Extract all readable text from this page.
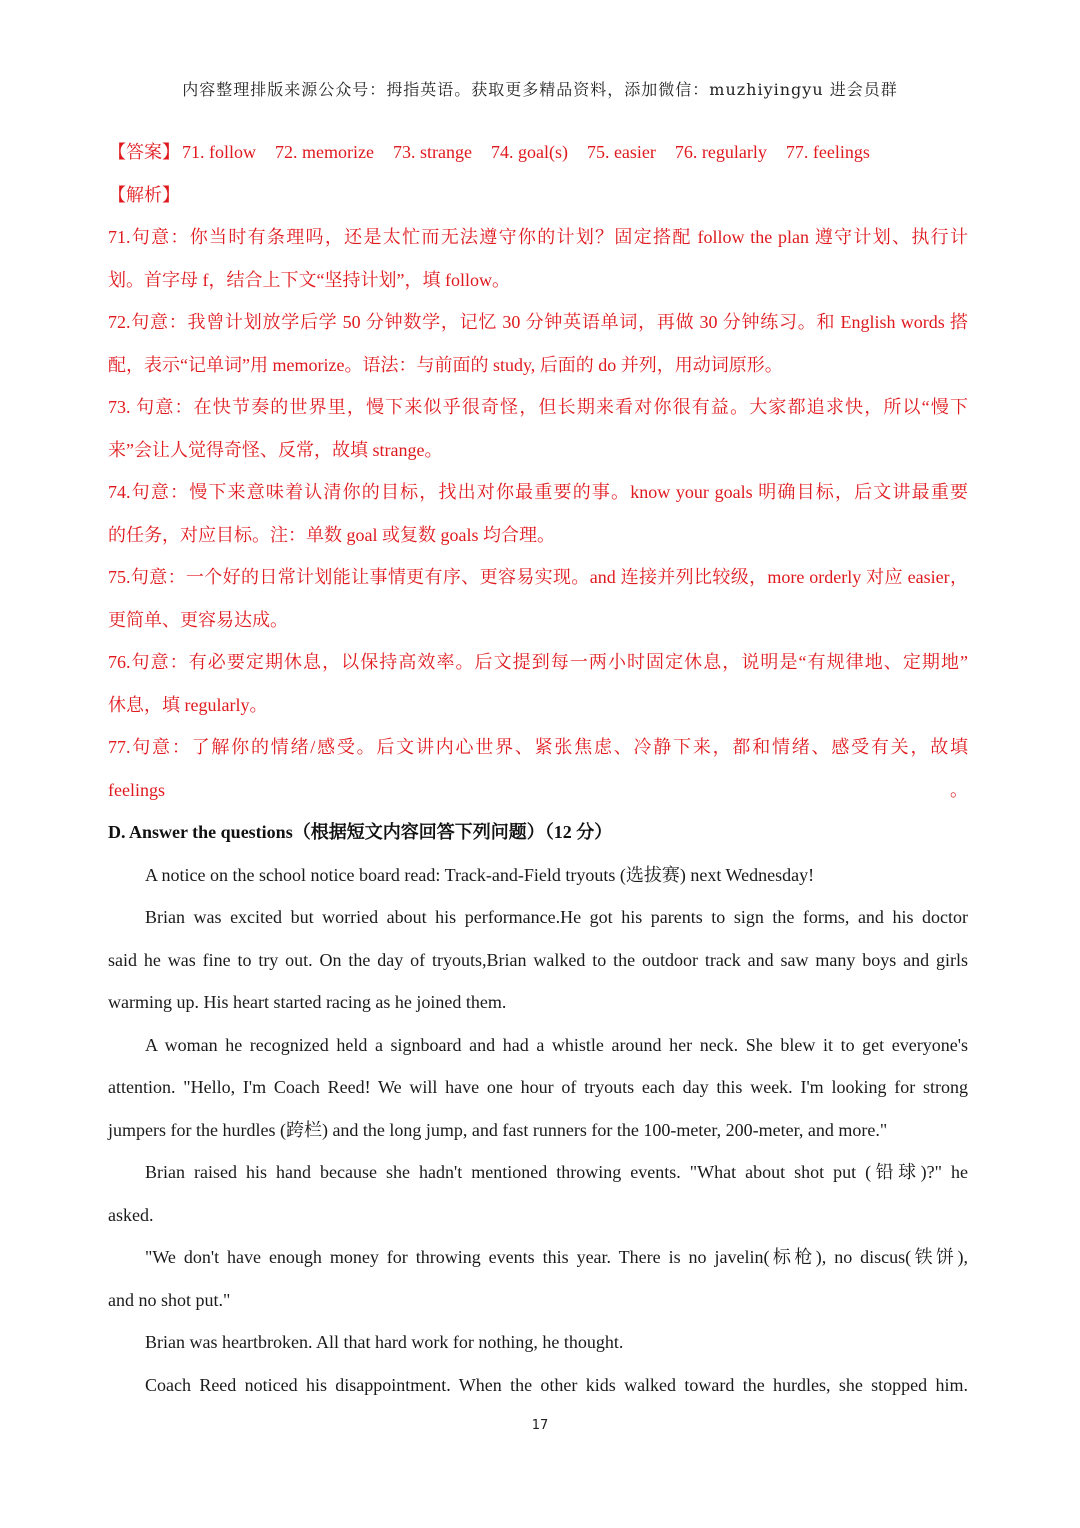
内容整理排版来源公众号：拇指英语。获取更多精品资料，添加微信：muzhiyingyu 进会员群
【答案】 71. follow 72. memorize 73. strange 74. goal(s) 75. easier 76. regularly 77. feelings
【解析】
71.句意：你当时有条理吗，还是太忙而无法遵守你的计划？固定搭配 follow the plan 遵守计划、执行计
划。首字母 f，结合上下文“坚持计划”，填 follow。
72.句意：我曾计划放学后学 50 分钟数学，记忆 30 分钟英语单词，再做 30 分钟练习。和 English words 搭
配，表示“记单词”用 memorize。语法：与前面的 study, 后面的 do 并列，用动词原形。
73. 句意：在快节奏的世界里，慢下来似乎很奇怪，但长期来看对你很有益。大家都追求快，所以“慢下
来”会让人觉得奇怪、反常，故填 strange。
74.句意：慢下来意味着认清你的目标，找出对你最重要的事。know your goals 明确目标，后文讲最重要
的任务，对应目标。注：单数 goal 或复数 goals 均合理。
75.句意：一个好的日常计划能让事情更有序、更容易实现。and 连接并列比较级，more orderly 对应 easier，
更简单、更容易达成。
76.句意：有必要定期休息，以保持高效率。后文提到每一两小时固定休息，说明是“有规律地、定期地”
休息，填 regularly。
77.句意：了解你的情绪/感受。后文讲内心世界、紧张焦虑、冷静下来，都和情绪、感受有关，故填 feelings。
D. Answer the questions（根据短文内容回答下列问题）（12 分）
A notice on the school notice board read: Track-and-Field tryouts (选拔赛) next Wednesday!
Brian was excited but worried about his performance.He got his parents to sign the forms, and his doctor
said he was fine to try out. On the day of tryouts,Brian walked to the outdoor track and saw many boys and girls
warming up. His heart started racing as he joined them.
A woman he recognized held a signboard and had a whistle around her neck. She blew it to get everyone's
attention. "Hello, I'm Coach Reed! We will have one hour of tryouts each day this week. I'm looking for strong
jumpers for the hurdles (跨栏) and the long jump, and fast runners for the 100-meter, 200-meter, and more."
Brian raised his hand because she hadn't mentioned throwing events. "What about shot put (铅球)?" he
asked.
"We don't have enough money for throwing events this year. There is no javelin(标枪), no discus(铁饼),
and no shot put."
Brian was heartbroken. All that hard work for nothing, he thought.
Coach Reed noticed his disappointment. When the other kids walked toward the hurdles, she stopped him.
17
